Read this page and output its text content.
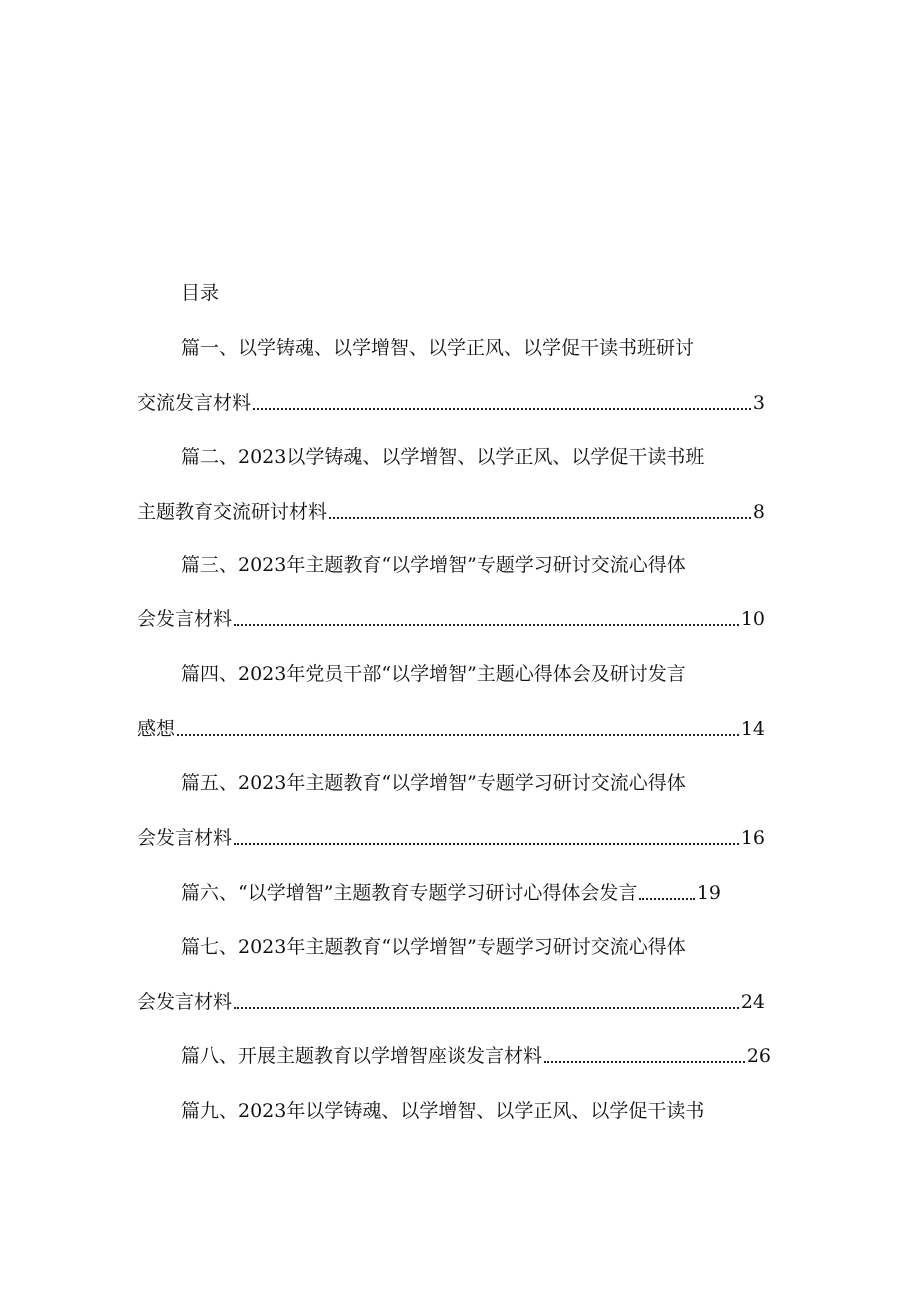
目录
篇一、以学铸魂、以学增智、以学正风、以学促干读书班研讨
交流发言材料	3
篇二、2023以学铸魂、以学增智、以学正风、以学促干读书班
主题教育交流研讨材料	8
篇三、2023年主题教育“以学增智”专题学习研讨交流心得体
会发言材料	10
篇四、2023年党员干部“以学增智”主题心得体会及研讨发言
感想	14
篇五、2023年主题教育“以学增智”专题学习研讨交流心得体
会发言材料	16
篇六、“以学增智”主题教育专题学习研讨心得体会发言	19
篇七、2023年主题教育“以学增智”专题学习研讨交流心得体
会发言材料	24
篇八、开展主题教育以学增智座谈发言材料	26
篇九、2023年以学铸魂、以学增智、以学正风、以学促干读书
